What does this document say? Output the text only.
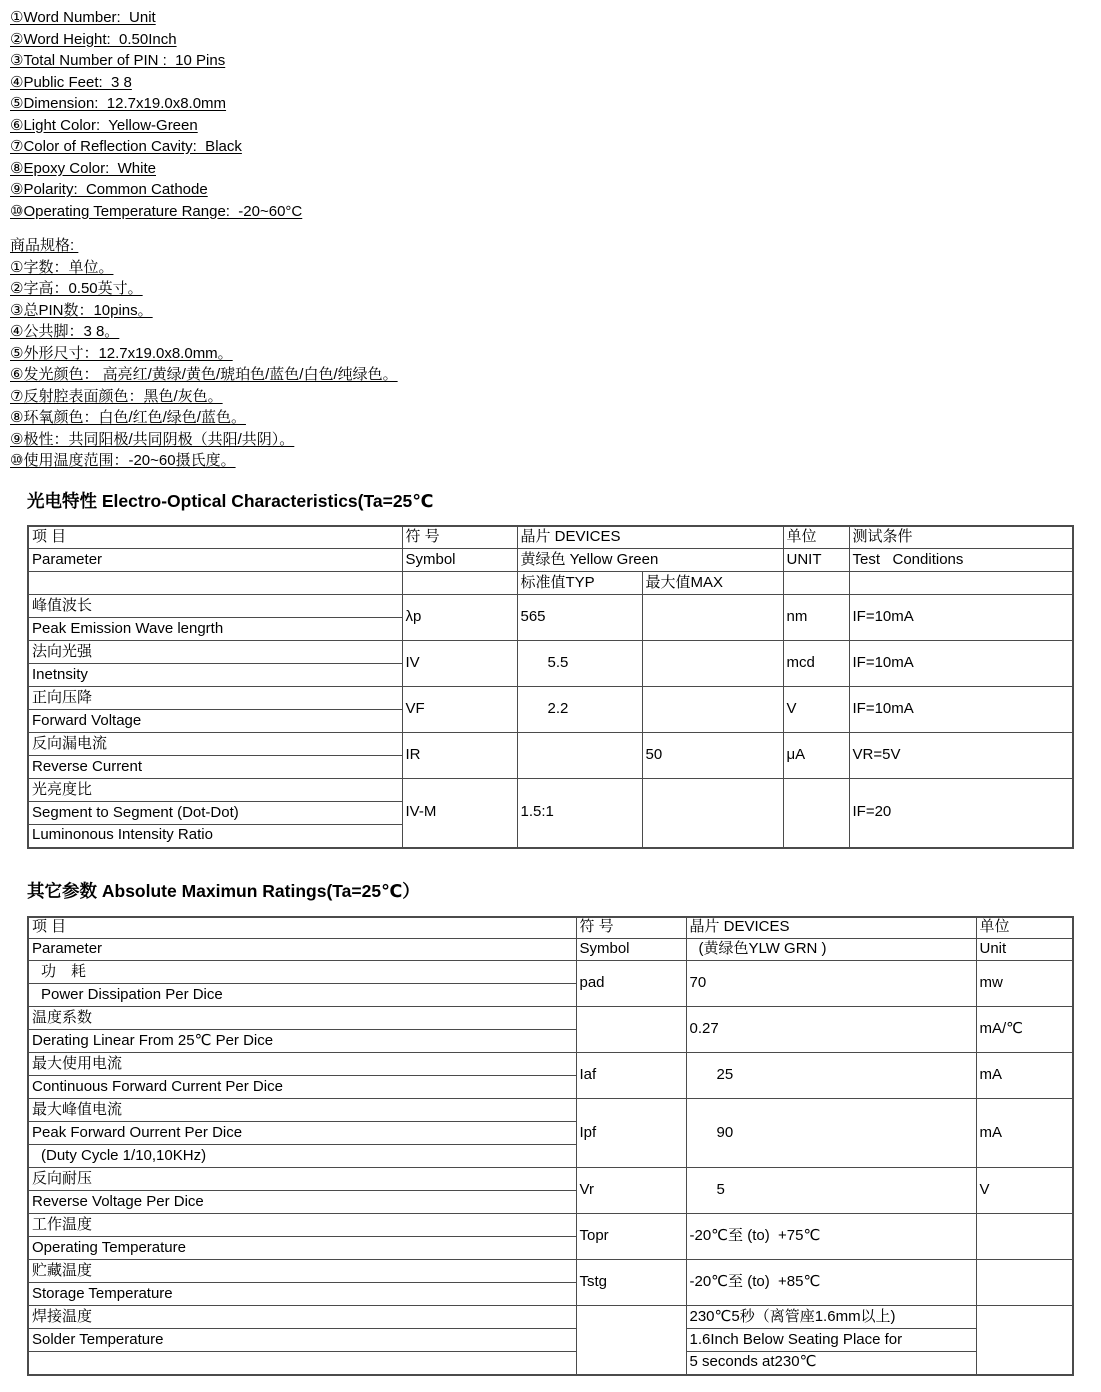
①Word Number:  Unit
②Word Height:  0.50Inch
③Total Number of PIN :  10 Pins
④Public Feet:  3 8
⑤Dimension:  12.7x19.0x8.0mm
⑥Light Color:  Yellow-Green
⑦Color of Reflection Cavity:  Black
⑧Epoxy Color:  White
⑨Polarity:  Common Cathode
⑩Operating Temperature Range:  -20~60°C
商品规格:
①字数：单位。
②字高：0.50英寸。
③总PIN数：10pins。
④公共脚：3 8。
⑤外形尺寸：12.7x19.0x8.0mm。
⑥发光颜色： 高亮红/黄绿/黄色/琥珀色/蓝色/白色/纯绿色。
⑦反射腔表面颜色：黑色/灰色。
⑧环氧颜色：白色/红色/绿色/蓝色。
⑨极性：共同阳极/共同阴极（共阳/共阴）。
⑩使用温度范围：-20~60摄氏度。
光电特性 Electro-Optical Characteristics(Ta=25℃
项 目	符 号	晶片 DEVICES		单位	测试条件
Parameter	Symbol	黄绿色 Yellow Green		UNIT	Test   Conditions
		标准值TYP	最大值MAX		
峰值波长	λp	565		nm	IF=10mA
Peak Emission Wave lengrth					
法向光强	IV	5.5		mcd	IF=10mA
Inetnsity					
正向压降	VF	2.2		V	IF=10mA
Forward Voltage					
反向漏电流	IR		50	μA	VR=5V
Reverse Current					
光亮度比	IV-M	1.5:1			IF=20
Segment to Segment (Dot-Dot)					
Luminonous Intensity Ratio					
其它参数 Absolute Maximun Ratings(Ta=25℃）
项 目	符 号	晶片 DEVICES	单位
Parameter	Symbol	(黄绿色YLW GRN )	Unit
功　耗	pad	70	mw
Power Dissipation Per Dice			
温度系数		0.27	mA/℃
Derating Linear From 25℃ Per Dice			
最大使用电流	Iaf	25	mA
Continuous Forward Current Per Dice			
最大峰值电流	Ipf	90	mA
Peak Forward Ourrent Per Dice			
(Duty Cycle 1/10,10KHz)			
反向耐压	Vr	5	V
Reverse Voltage Per Dice			
工作温度	Topr	-20℃至 (to)  +75℃	
Operating Temperature			
贮藏温度	Tstg	-20℃至 (to)  +85℃	
Storage Temperature			
焊接温度		230℃5秒（离管座1.6mm以上)	
Solder Temperature		1.6Inch Below Seating Place for	
		5 seconds at230℃	
